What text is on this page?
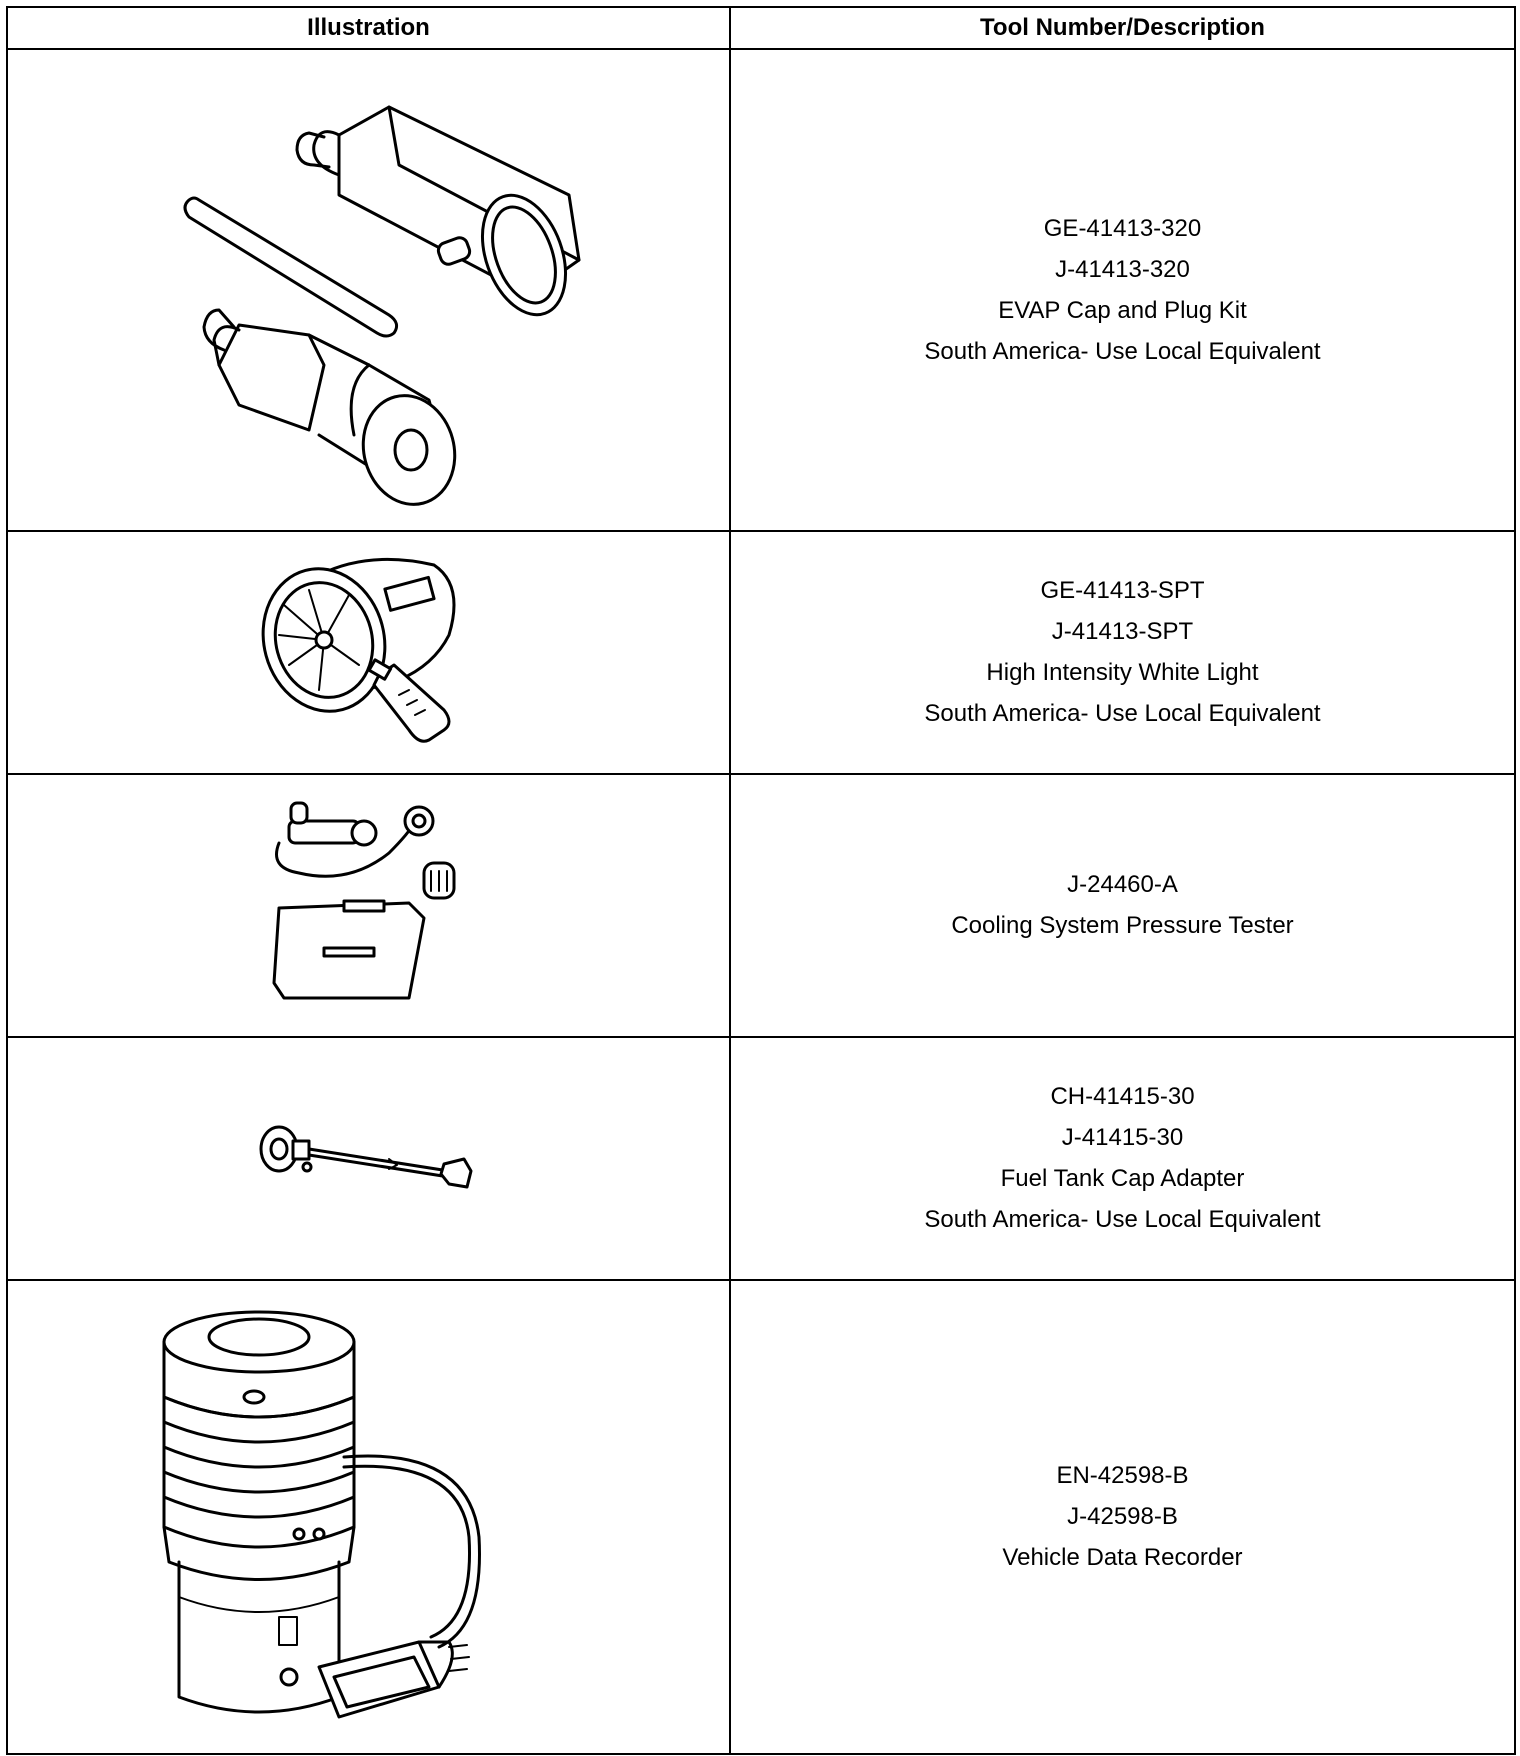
Illustration	Tool Number/Description

GE-41413-320
J-41413-320
EVAP Cap and Plug Kit
South America- Use Local Equivalent

GE-41413-SPT
J-41413-SPT
High Intensity White Light
South America- Use Local Equivalent

J-24460-A
Cooling System Pressure Tester

CH-41415-30
J-41415-30
Fuel Tank Cap Adapter
South America- Use Local Equivalent

EN-42598-B
J-42598-B
Vehicle Data Recorder
